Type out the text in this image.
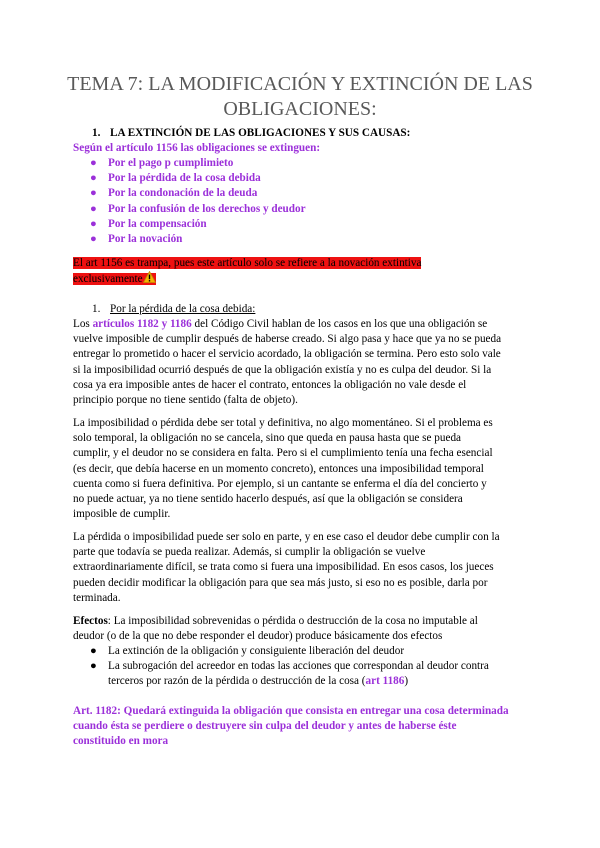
TEMA 7: LA MODIFICACIÓN Y EXTINCIÓN DE LAS
OBLIGACIONES:
1. LA EXTINCIÓN DE LAS OBLIGACIONES Y SUS CAUSAS:
Según el artículo 1156 las obligaciones se extinguen:
● Por el pago p cumplimieto
● Por la pérdida de la cosa debida
● Por la condonación de la deuda
● Por la confusión de los derechos y deudor
● Por la compensación
● Por la novación
El art 1156 es trampa, pues este artículo solo se refiere a la novación extintiva
exclusivamente
1. Por la pérdida de la cosa debida:
Los artículos 1182 y 1186 del Código Civil hablan de los casos en los que una obligación se
vuelve imposible de cumplir después de haberse creado. Si algo pasa y hace que ya no se pueda
entregar lo prometido o hacer el servicio acordado, la obligación se termina. Pero esto solo vale
si la imposibilidad ocurrió después de que la obligación existía y no es culpa del deudor. Si la
cosa ya era imposible antes de hacer el contrato, entonces la obligación no vale desde el
principio porque no tiene sentido (falta de objeto).
La imposibilidad o pérdida debe ser total y definitiva, no algo momentáneo. Si el problema es
solo temporal, la obligación no se cancela, sino que queda en pausa hasta que se pueda
cumplir, y el deudor no se considera en falta. Pero si el cumplimiento tenía una fecha esencial
(es decir, que debía hacerse en un momento concreto), entonces una imposibilidad temporal
cuenta como si fuera definitiva. Por ejemplo, si un cantante se enferma el día del concierto y
no puede actuar, ya no tiene sentido hacerlo después, así que la obligación se considera
imposible de cumplir.
La pérdida o imposibilidad puede ser solo en parte, y en ese caso el deudor debe cumplir con la
parte que todavía se pueda realizar. Además, si cumplir la obligación se vuelve
extraordinariamente difícil, se trata como si fuera una imposibilidad. En esos casos, los jueces
pueden decidir modificar la obligación para que sea más justo, si eso no es posible, darla por
terminada.
Efectos: La imposibilidad sobrevenidas o pérdida o destrucción de la cosa no imputable al
deudor (o de la que no debe responder el deudor) produce básicamente dos efectos
● La extinción de la obligación y consiguiente liberación del deudor
● La subrogación del acreedor en todas las acciones que correspondan al deudor contra
terceros por razón de la pérdida o destrucción de la cosa (art 1186)
Art. 1182: Quedará extinguida la obligación que consista en entregar una cosa determinada
cuando ésta se perdiere o destruyere sin culpa del deudor y antes de haberse éste
constituido en mora
